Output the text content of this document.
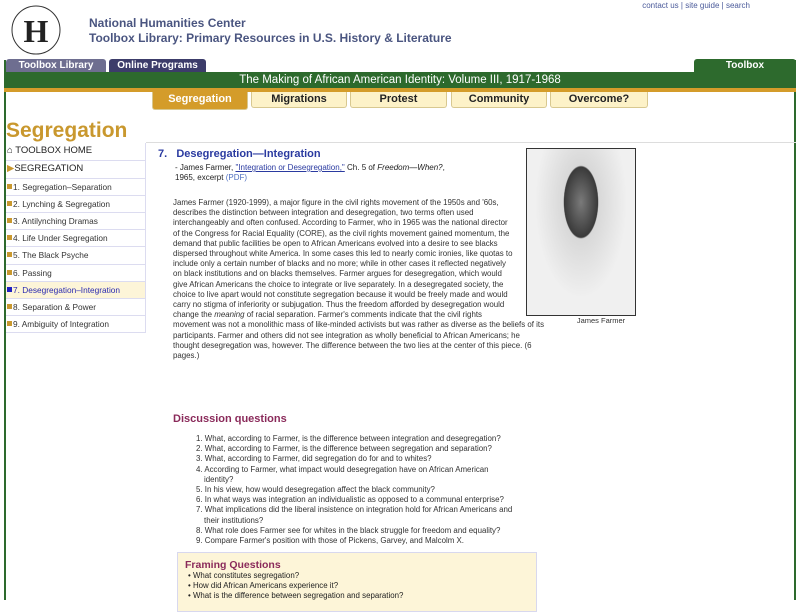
H	National Humanities Center
Toolbox Library: Primary Resources in U.S. History & Literature
contact us | site guide | search
Toolbox Library	Online Programs	Toolbox
The Making of African American Identity: Volume III, 1917-1968
Segregation	Migrations	Protest	Community	Overcome?
Segregation
⌂ TOOLBOX HOME
▶SEGREGATION
1. Segregation–Separation
2. Lynching & Segregation
3. Antilynching Dramas
4. Life Under Segregation
5. The Black Psyche
6. Passing
7. Desegregation–Integration
8. Separation & Power
9. Ambiguity of Integration
7. Desegregation—Integration
- James Farmer, "Integration or Desegregation," Ch. 5 of Freedom—When?, 1965, excerpt (PDF)
James Farmer
James Farmer (1920-1999), a major figure in the civil rights movement of the 1950s and '60s, describes the distinction between integration and desegregation, two terms often used interchangeably and often confused. According to Farmer, who in 1965 was the national director of the Congress for Racial Equality (CORE), as the civil rights movement gained momentum, the demand that public facilities be open to African Americans evolved into a desire to see blacks dispersed throughout white America. In some cases this led to nearly comic ironies, like quotas to include only a certain number of blacks and no more; while in other cases it reflected negatively on black institutions and on blacks themselves. Farmer argues for desegregation, which would give African Americans the choice to integrate or live separately. In a desegregated society, the choice to live apart would not constitute segregation because it would be freely made and would carry no stigma of inferiority or subjugation. Thus the freedom afforded by desegregation would change the meaning of racial separation. Farmer's comments indicate that the civil rights movement was not a monolithic mass of like-minded activists but was rather as diverse as the beliefs of its participants. Farmer and others did not see integration as wholly beneficial to African Americans; he thought desegregation was, however. The difference between the two lies at the center of this piece. (6 pages.)
Discussion questions
1. What, according to Farmer, is the difference between integration and desegregation?
2. What, according to Farmer, is the difference between segregation and separation?
3. What, according to Farmer, did segregation do for and to whites?
4. According to Farmer, what impact would desegregation have on African American identity?
5. In his view, how would desegregation affect the black community?
6. In what ways was integration an individualistic as opposed to a communal enterprise?
7. What implications did the liberal insistence on integration hold for African Americans and their institutions?
8. What role does Farmer see for whites in the black struggle for freedom and equality?
9. Compare Farmer's position with those of Pickens, Garvey, and Malcolm X.
Framing Questions
• What constitutes segregation?
• How did African Americans experience it?
• What is the difference between segregation and separation?
